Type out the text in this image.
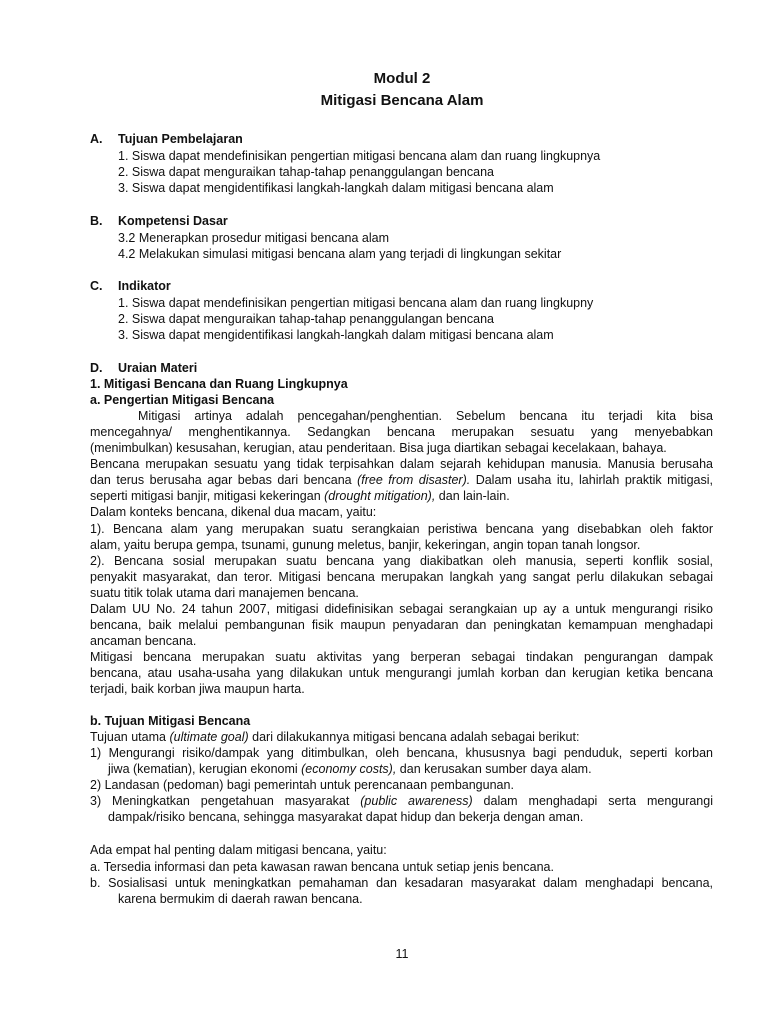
Modul 2
Mitigasi Bencana Alam
A. Tujuan Pembelajaran
1. Siswa dapat mendefinisikan pengertian mitigasi bencana alam dan ruang lingkupnya
2. Siswa dapat menguraikan tahap-tahap penanggulangan bencana
3. Siswa dapat mengidentifikasi langkah-langkah dalam mitigasi bencana alam
B. Kompetensi Dasar
3.2 Menerapkan prosedur mitigasi bencana alam
4.2 Melakukan simulasi mitigasi bencana alam yang terjadi di lingkungan sekitar
C. Indikator
1. Siswa dapat mendefinisikan pengertian mitigasi bencana alam dan ruang lingkupny
2. Siswa dapat menguraikan tahap-tahap penanggulangan bencana
3. Siswa dapat mengidentifikasi langkah-langkah dalam mitigasi bencana alam
D. Uraian Materi
1. Mitigasi Bencana dan Ruang Lingkupnya
a. Pengertian Mitigasi Bencana
Mitigasi artinya adalah pencegahan/penghentian. Sebelum bencana itu terjadi kita bisa
mencegahnya/ menghentikannya. Sedangkan bencana merupakan sesuatu yang menyebabkan
(menimbulkan) kesusahan, kerugian, atau penderitaan. Bisa juga diartikan sebagai kecelakaan, bahaya.
Bencana merupakan sesuatu yang tidak terpisahkan dalam sejarah kehidupan manusia. Manusia berusaha
dan terus berusaha agar bebas dari bencana (free from disaster). Dalam usaha itu, lahirlah praktik mitigasi,
seperti mitigasi banjir, mitigasi kekeringan (drought mitigation), dan lain-lain.
Dalam konteks bencana, dikenal dua macam, yaitu:
1). Bencana alam yang merupakan suatu serangkaian peristiwa bencana yang disebabkan oleh faktor
alam, yaitu berupa gempa, tsunami, gunung meletus, banjir, kekeringan, angin topan tanah longsor.
2). Bencana sosial merupakan suatu bencana yang diakibatkan oleh manusia, seperti konflik sosial,
penyakit masyarakat, dan teror. Mitigasi bencana merupakan langkah yang sangat perlu dilakukan sebagai
suatu titik tolak utama dari manajemen bencana.
Dalam UU No. 24 tahun 2007, mitigasi didefinisikan sebagai serangkaian up ay a untuk mengurangi risiko
bencana, baik melalui pembangunan fisik maupun penyadaran dan peningkatan kemampuan menghadapi
ancaman bencana.
Mitigasi bencana merupakan suatu aktivitas yang berperan sebagai tindakan pengurangan dampak
bencana, atau usaha-usaha yang dilakukan untuk mengurangi jumlah korban dan kerugian ketika bencana
terjadi, baik korban jiwa maupun harta.
b. Tujuan Mitigasi Bencana
Tujuan utama (ultimate goal) dari dilakukannya mitigasi bencana adalah sebagai berikut:
1) Mengurangi risiko/dampak yang ditimbulkan, oleh bencana, khususnya bagi penduduk, seperti korban
jiwa (kematian), kerugian ekonomi (economy costs), dan kerusakan sumber daya alam.
2) Landasan (pedoman) bagi pemerintah untuk perencanaan pembangunan.
3) Meningkatkan pengetahuan masyarakat (public awareness) dalam menghadapi serta mengurangi
dampak/risiko bencana, sehingga masyarakat dapat hidup dan bekerja dengan aman.
Ada empat hal penting dalam mitigasi bencana, yaitu:
a. Tersedia informasi dan peta kawasan rawan bencana untuk setiap jenis bencana.
b. Sosialisasi untuk meningkatkan pemahaman dan kesadaran masyarakat dalam menghadapi bencana,
karena bermukim di daerah rawan bencana.
11
